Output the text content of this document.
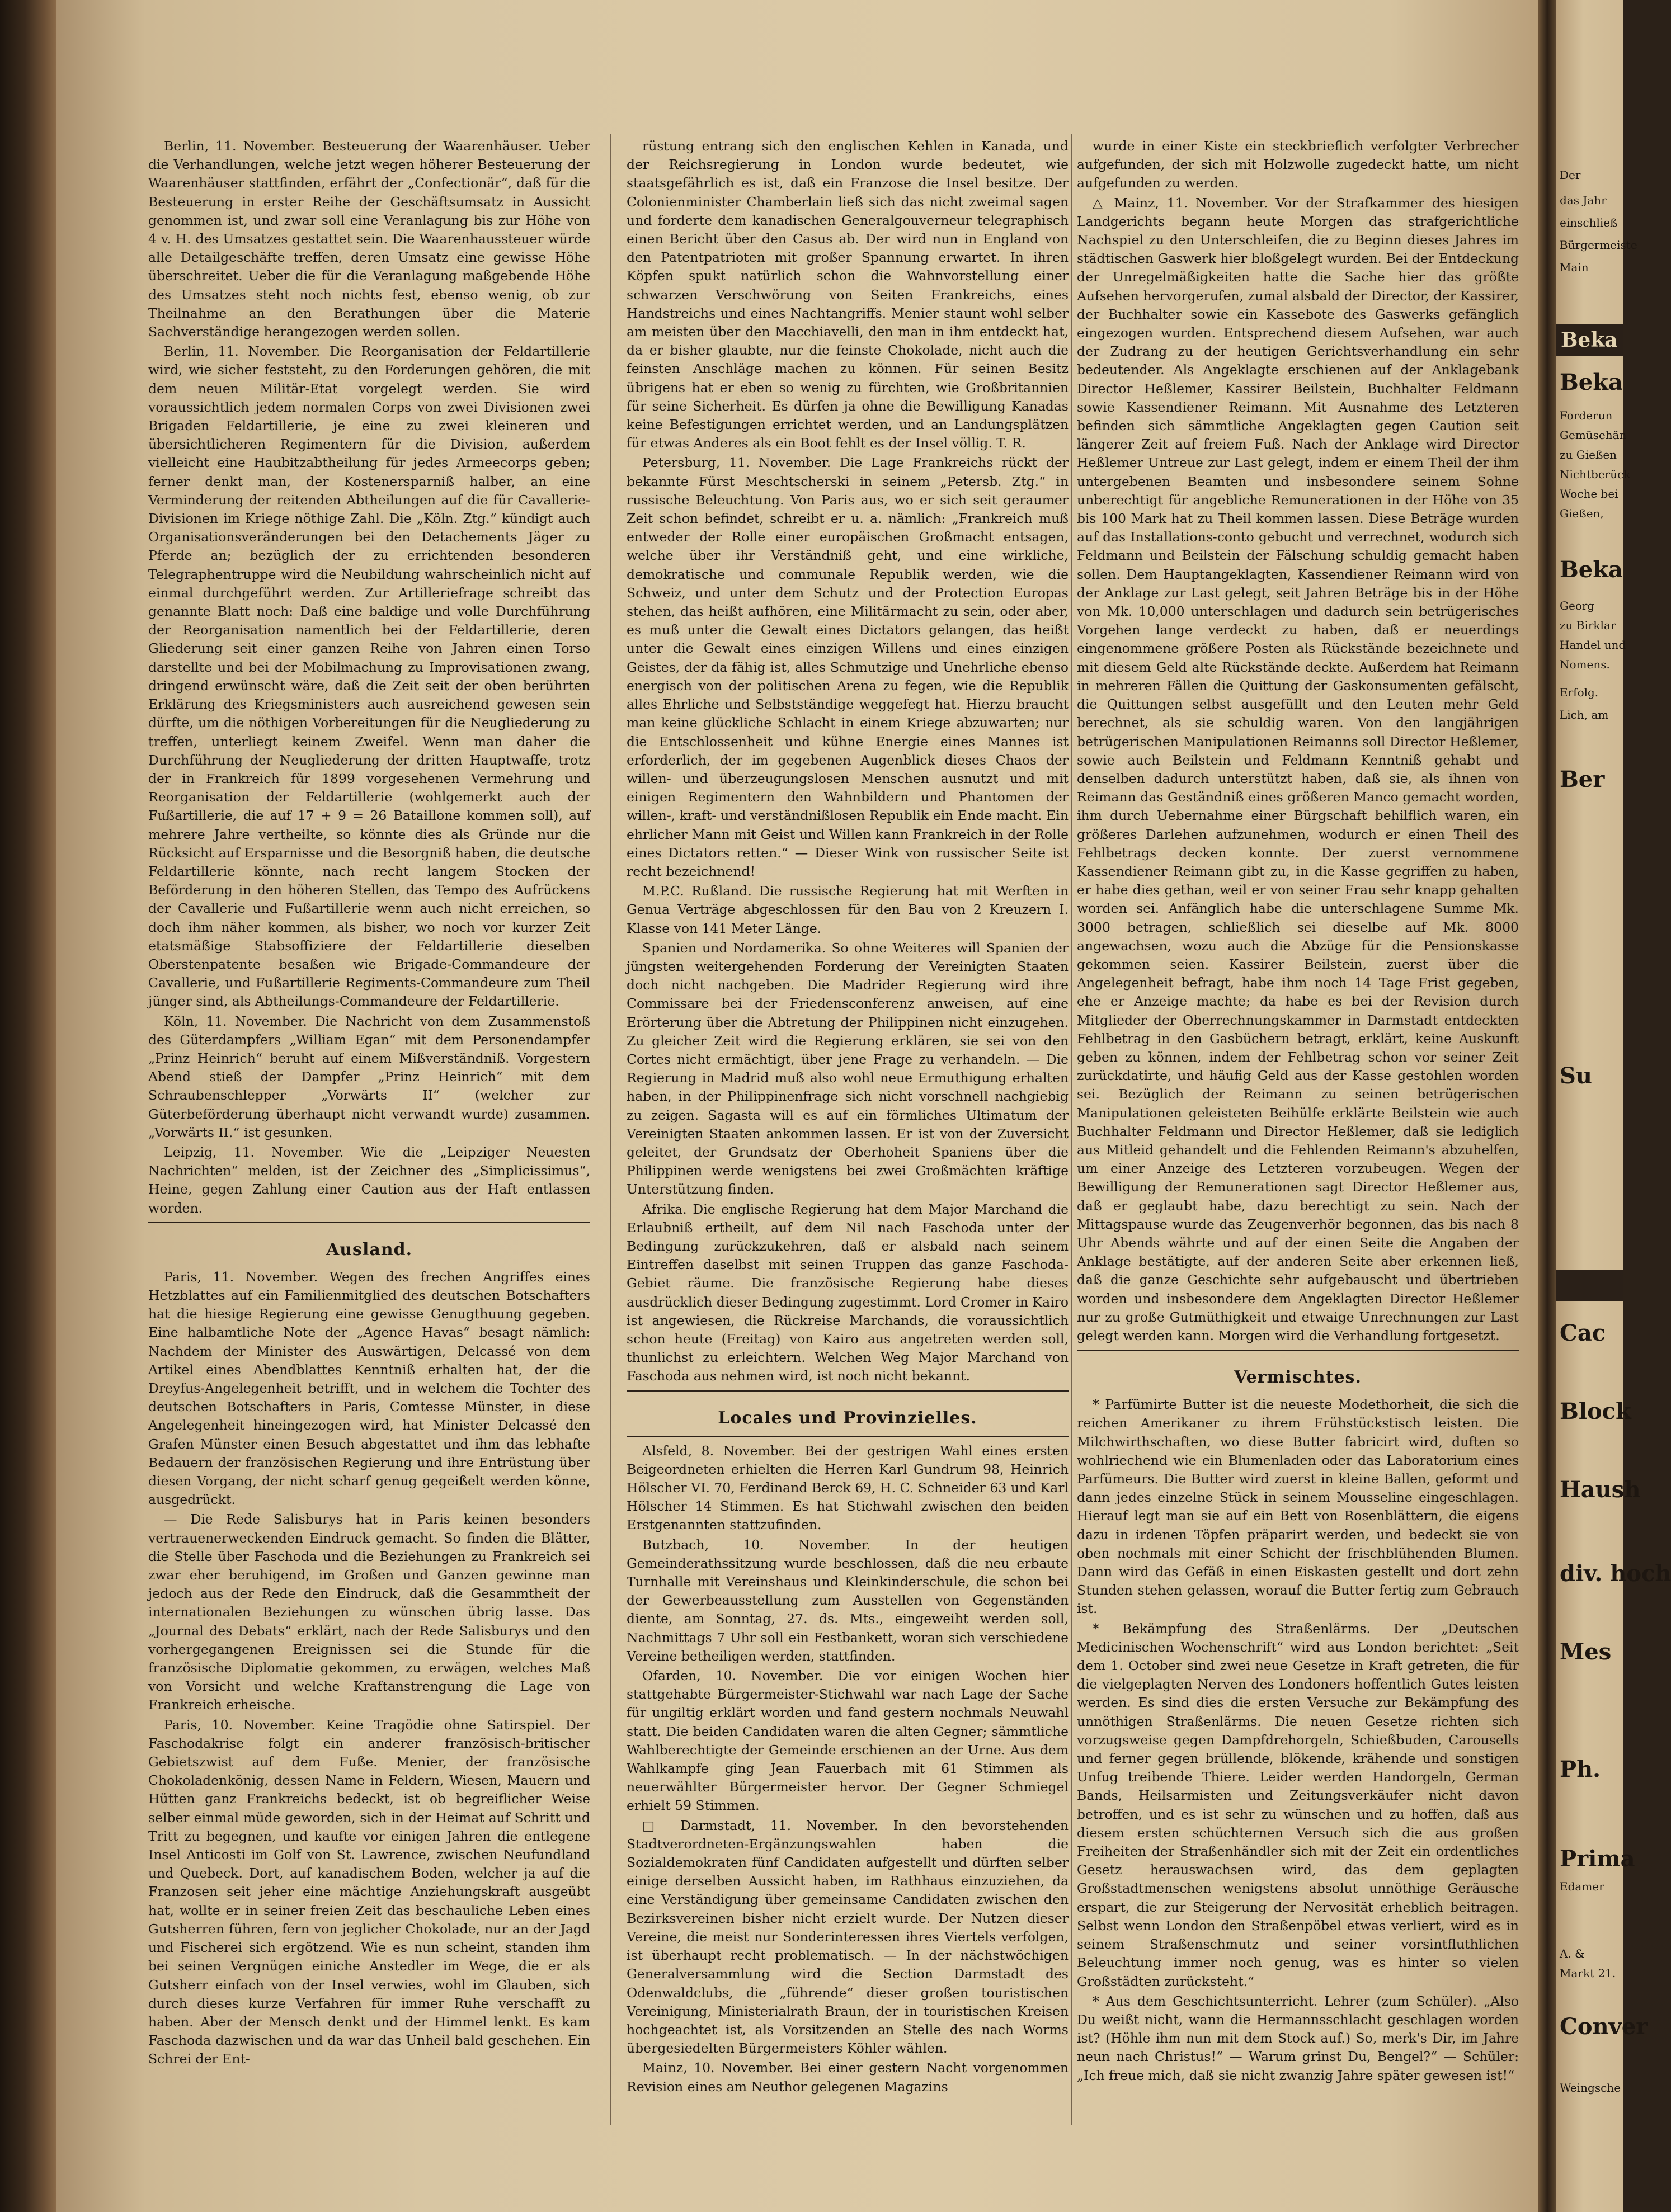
Berlin, 11. November. Besteuerung der Waarenhäuser. Ueber die Verhandlungen, welche jetzt wegen höherer Besteuerung der Waarenhäuser stattfinden, erfährt der „Confectionär“, daß für die Besteuerung in erster Reihe der Geschäftsumsatz in Aussicht genommen ist, und zwar soll eine Veranlagung bis zur Höhe von 4 v. H. des Umsatzes gestattet sein. Die Waarenhaussteuer würde alle Detailgeschäfte treffen, deren Umsatz eine gewisse Höhe überschreitet. Ueber die für die Veranlagung maßgebende Höhe des Umsatzes steht noch nichts fest, ebenso wenig, ob zur Theilnahme an den Berathungen über die Materie Sachverständige herangezogen werden sollen.

Berlin, 11. November. Die Reorganisation der Feldartillerie wird, wie sicher feststeht, zu den Forderungen gehören, die mit dem neuen Militär-Etat vorgelegt werden. Sie wird voraussichtlich jedem normalen Corps von zwei Divisionen zwei Brigaden Feldartillerie, je eine zu zwei kleineren und übersichtlicheren Regimentern für die Division, außerdem vielleicht eine Haubitzabtheilung für jedes Armeecorps geben; ferner denkt man, der Kostenersparniß halber, an eine Verminderung der reitenden Abtheilungen auf die für Cavallerie-Divisionen im Kriege nöthige Zahl. Die „Köln. Ztg.“ kündigt auch Organisationsveränderungen bei den Detachements Jäger zu Pferde an; bezüglich der zu errichtenden besonderen Telegraphentruppe wird die Neubildung wahrscheinlich nicht auf einmal durchgeführt werden. Zur Artilleriefrage schreibt das genannte Blatt noch: Daß eine baldige und volle Durchführung der Reorganisation namentlich bei der Feldartillerie, deren Gliederung seit einer ganzen Reihe von Jahren einen Torso darstellte und bei der Mobilmachung zu Improvisationen zwang, dringend erwünscht wäre, daß die Zeit seit der oben berührten Erklärung des Kriegsministers auch ausreichend gewesen sein dürfte, um die nöthigen Vorbereitungen für die Neugliederung zu treffen, unterliegt keinem Zweifel. Wenn man daher die Durchführung der Neugliederung der dritten Hauptwaffe, trotz der in Frankreich für 1899 vorgesehenen Vermehrung und Reorganisation der Feldartillerie (wohlgemerkt auch der Fußartillerie, die auf 17 + 9 = 26 Bataillone kommen soll), auf mehrere Jahre vertheilte, so könnte dies als Gründe nur die Rücksicht auf Ersparnisse und die Besorgniß haben, die deutsche Feldartillerie könnte, nach recht langem Stocken der Beförderung in den höheren Stellen, das Tempo des Aufrückens der Cavallerie und Fußartillerie wenn auch nicht erreichen, so doch ihm näher kommen, als bisher, wo noch vor kurzer Zeit etatsmäßige Stabsoffiziere der Feldartillerie dieselben Oberstenpatente besaßen wie Brigade-Commandeure der Cavallerie, und Fußartillerie Regiments-Commandeure zum Theil jünger sind, als Abtheilungs-Commandeure der Feldartillerie.

Köln, 11. November. Die Nachricht von dem Zusammenstoß des Güterdampfers „William Egan“ mit dem Personendampfer „Prinz Heinrich“ beruht auf einem Mißverständniß. Vorgestern Abend stieß der Dampfer „Prinz Heinrich“ mit dem Schraubenschlepper „Vorwärts II“ (welcher zur Güterbeförderung überhaupt nicht verwandt wurde) zusammen. „Vorwärts II.“ ist gesunken.

Leipzig, 11. November. Wie die „Leipziger Neuesten Nachrichten“ melden, ist der Zeichner des „Simplicissimus“, Heine, gegen Zahlung einer Caution aus der Haft entlassen worden.

Ausland.

Paris, 11. November. Wegen des frechen Angriffes eines Hetzblattes auf ein Familienmitglied des deutschen Botschafters hat die hiesige Regierung eine gewisse Genugthuung gegeben. Eine halbamtliche Note der „Agence Havas“ besagt nämlich: Nachdem der Minister des Auswärtigen, Delcassé von dem Artikel eines Abendblattes Kenntniß erhalten hat, der die Dreyfus-Angelegenheit betrifft, und in welchem die Tochter des deutschen Botschafters in Paris, Comtesse Münster, in diese Angelegenheit hineingezogen wird, hat Minister Delcassé den Grafen Münster einen Besuch abgestattet und ihm das lebhafte Bedauern der französischen Regierung und ihre Entrüstung über diesen Vorgang, der nicht scharf genug gegeißelt werden könne, ausgedrückt.

— Die Rede Salisburys hat in Paris keinen besonders vertrauenerweckenden Eindruck gemacht. So finden die Blätter, die Stelle über Faschoda und die Beziehungen zu Frankreich sei zwar eher beruhigend, im Großen und Ganzen gewinne man jedoch aus der Rede den Eindruck, daß die Gesammtheit der internationalen Beziehungen zu wünschen übrig lasse. Das „Journal des Debats“ erklärt, nach der Rede Salisburys und den vorhergegangenen Ereignissen sei die Stunde für die französische Diplomatie gekommen, zu erwägen, welches Maß von Vorsicht und welche Kraftanstrengung die Lage von Frankreich erheische.

Paris, 10. November. Keine Tragödie ohne Satirspiel. Der Faschodakrise folgt ein anderer französisch-britischer Gebietszwist auf dem Fuße. Menier, der französische Chokoladenkönig, dessen Name in Feldern, Wiesen, Mauern und Hütten ganz Frankreichs bedeckt, ist ob begreiflicher Weise selber einmal müde geworden, sich in der Heimat auf Schritt und Tritt zu begegnen, und kaufte vor einigen Jahren die entlegene Insel Anticosti im Golf von St. Lawrence, zwischen Neufundland und Quebeck. Dort, auf kanadischem Boden, welcher ja auf die Franzosen seit jeher eine mächtige Anziehungskraft ausgeübt hat, wollte er in seiner freien Zeit das beschauliche Leben eines Gutsherren führen, fern von jeglicher Chokolade, nur an der Jagd und Fischerei sich ergötzend. Wie es nun scheint, standen ihm bei seinen Vergnügen einiche Anstedler im Wege, die er als Gutsherr einfach von der Insel verwies, wohl im Glauben, sich durch dieses kurze Verfahren für immer Ruhe verschafft zu haben. Aber der Mensch denkt und der Himmel lenkt. Es kam Faschoda dazwischen und da war das Unheil bald geschehen. Ein Schrei der Ent-

rüstung entrang sich den englischen Kehlen in Kanada, und der Reichsregierung in London wurde bedeutet, wie staatsgefährlich es ist, daß ein Franzose die Insel besitze. Der Colonienminister Chamberlain ließ sich das nicht zweimal sagen und forderte dem kanadischen Generalgouverneur telegraphisch einen Bericht über den Casus ab. Der wird nun in England von den Patentpatrioten mit großer Spannung erwartet. In ihren Köpfen spukt natürlich schon die Wahnvorstellung einer schwarzen Verschwörung von Seiten Frankreichs, eines Handstreichs und eines Nachtangriffs. Menier staunt wohl selber am meisten über den Macchiavelli, den man in ihm entdeckt hat, da er bisher glaubte, nur die feinste Chokolade, nicht auch die feinsten Anschläge machen zu können. Für seinen Besitz übrigens hat er eben so wenig zu fürchten, wie Großbritannien für seine Sicherheit. Es dürfen ja ohne die Bewilligung Kanadas keine Befestigungen errichtet werden, und an Landungsplätzen für etwas Anderes als ein Boot fehlt es der Insel völlig. T. R.

Petersburg, 11. November. Die Lage Frankreichs rückt der bekannte Fürst Meschtscherski in seinem „Petersb. Ztg.“ in russische Beleuchtung. Von Paris aus, wo er sich seit geraumer Zeit schon befindet, schreibt er u. a. nämlich: „Frankreich muß entweder der Rolle einer europäischen Großmacht entsagen, welche über ihr Verständniß geht, und eine wirkliche, demokratische und communale Republik werden, wie die Schweiz, und unter dem Schutz und der Protection Europas stehen, das heißt aufhören, eine Militärmacht zu sein, oder aber, es muß unter die Gewalt eines Dictators gelangen, das heißt unter die Gewalt eines einzigen Willens und eines einzigen Geistes, der da fähig ist, alles Schmutzige und Unehrliche ebenso energisch von der politischen Arena zu fegen, wie die Republik alles Ehrliche und Selbstständige weggefegt hat. Hierzu braucht man keine glückliche Schlacht in einem Kriege abzuwarten; nur die Entschlossenheit und kühne Energie eines Mannes ist erforderlich, der im gegebenen Augenblick dieses Chaos der willen- und überzeugungslosen Menschen ausnutzt und mit einigen Regimentern den Wahnbildern und Phantomen der willen-, kraft- und verständnißlosen Republik ein Ende macht. Ein ehrlicher Mann mit Geist und Willen kann Frankreich in der Rolle eines Dictators retten.“ — Dieser Wink von russischer Seite ist recht bezeichnend!

M.P.C. Rußland. Die russische Regierung hat mit Werften in Genua Verträge abgeschlossen für den Bau von 2 Kreuzern I. Klasse von 141 Meter Länge.

Spanien und Nordamerika. So ohne Weiteres will Spanien der jüngsten weitergehenden Forderung der Vereinigten Staaten doch nicht nachgeben. Die Madrider Regierung wird ihre Commissare bei der Friedensconferenz anweisen, auf eine Erörterung über die Abtretung der Philippinen nicht einzugehen. Zu gleicher Zeit wird die Regierung erklären, sie sei von den Cortes nicht ermächtigt, über jene Frage zu verhandeln. — Die Regierung in Madrid muß also wohl neue Ermuthigung erhalten haben, in der Philippinenfrage sich nicht vorschnell nachgiebig zu zeigen. Sagasta will es auf ein förmliches Ultimatum der Vereinigten Staaten ankommen lassen. Er ist von der Zuversicht geleitet, der Grundsatz der Oberhoheit Spaniens über die Philippinen werde wenigstens bei zwei Großmächten kräftige Unterstützung finden.

Afrika. Die englische Regierung hat dem Major Marchand die Erlaubniß ertheilt, auf dem Nil nach Faschoda unter der Bedingung zurückzukehren, daß er alsbald nach seinem Eintreffen daselbst mit seinen Truppen das ganze Faschoda-Gebiet räume. Die französische Regierung habe dieses ausdrücklich dieser Bedingung zugestimmt. Lord Cromer in Kairo ist angewiesen, die Rückreise Marchands, die voraussichtlich schon heute (Freitag) von Kairo aus angetreten werden soll, thunlichst zu erleichtern. Welchen Weg Major Marchand von Faschoda aus nehmen wird, ist noch nicht bekannt.

Locales und Provinzielles.

Alsfeld, 8. November. Bei der gestrigen Wahl eines ersten Beigeordneten erhielten die Herren Karl Gundrum 98, Heinrich Hölscher VI. 70, Ferdinand Berck 69, H. C. Schneider 63 und Karl Hölscher 14 Stimmen. Es hat Stichwahl zwischen den beiden Erstgenannten stattzufinden.

Butzbach, 10. November. In der heutigen Gemeinderathssitzung wurde beschlossen, daß die neu erbaute Turnhalle mit Vereinshaus und Kleinkinderschule, die schon bei der Gewerbeausstellung zum Ausstellen von Gegenständen diente, am Sonntag, 27. ds. Mts., eingeweiht werden soll, Nachmittags 7 Uhr soll ein Festbankett, woran sich verschiedene Vereine betheiligen werden, stattfinden.

Ofarden, 10. November. Die vor einigen Wochen hier stattgehabte Bürgermeister-Stichwahl war nach Lage der Sache für ungiltig erklärt worden und fand gestern nochmals Neuwahl statt. Die beiden Candidaten waren die alten Gegner; sämmtliche Wahlberechtigte der Gemeinde erschienen an der Urne. Aus dem Wahlkampfe ging Jean Fauerbach mit 61 Stimmen als neuerwählter Bürgermeister hervor. Der Gegner Schmiegel erhielt 59 Stimmen.

□ Darmstadt, 11. November. In den bevorstehenden Stadtverordneten-Ergänzungswahlen haben die Sozialdemokraten fünf Candidaten aufgestellt und dürften selber einige derselben Aussicht haben, im Rathhaus einzuziehen, da eine Verständigung über gemeinsame Candidaten zwischen den Bezirksvereinen bisher nicht erzielt wurde. Der Nutzen dieser Vereine, die meist nur Sonderinteressen ihres Viertels verfolgen, ist überhaupt recht problematisch. — In der nächstwöchigen Generalversammlung wird die Section Darmstadt des Odenwaldclubs, die „führende“ dieser großen touristischen Vereinigung, Ministerialrath Braun, der in touristischen Kreisen hochgeachtet ist, als Vorsitzenden an Stelle des nach Worms übergesiedelten Bürgermeisters Köhler wählen.

Mainz, 10. November. Bei einer gestern Nacht vorgenommen Revision eines am Neuthor gelegenen Magazins

wurde in einer Kiste ein steckbrieflich verfolgter Verbrecher aufgefunden, der sich mit Holzwolle zugedeckt hatte, um nicht aufgefunden zu werden.

△ Mainz, 11. November. Vor der Strafkammer des hiesigen Landgerichts begann heute Morgen das strafgerichtliche Nachspiel zu den Unterschleifen, die zu Beginn dieses Jahres im städtischen Gaswerk hier bloßgelegt wurden. Bei der Entdeckung der Unregelmäßigkeiten hatte die Sache hier das größte Aufsehen hervorgerufen, zumal alsbald der Director, der Kassirer, der Buchhalter sowie ein Kassebote des Gaswerks gefänglich eingezogen wurden. Entsprechend diesem Aufsehen, war auch der Zudrang zu der heutigen Gerichtsverhandlung ein sehr bedeutender. Als Angeklagte erschienen auf der Anklagebank Director Heßlemer, Kassirer Beilstein, Buchhalter Feldmann sowie Kassendiener Reimann. Mit Ausnahme des Letzteren befinden sich sämmtliche Angeklagten gegen Caution seit längerer Zeit auf freiem Fuß. Nach der Anklage wird Director Heßlemer Untreue zur Last gelegt, indem er einem Theil der ihm untergebenen Beamten und insbesondere seinem Sohne unberechtigt für angebliche Remunerationen in der Höhe von 35 bis 100 Mark hat zu Theil kommen lassen. Diese Beträge wurden auf das Installations-conto gebucht und verrechnet, wodurch sich Feldmann und Beilstein der Fälschung schuldig gemacht haben sollen. Dem Hauptangeklagten, Kassendiener Reimann wird von der Anklage zur Last gelegt, seit Jahren Beträge bis in der Höhe von Mk. 10,000 unterschlagen und dadurch sein betrügerisches Vorgehen lange verdeckt zu haben, daß er neuerdings eingenommene größere Posten als Rückstände bezeichnete und mit diesem Geld alte Rückstände deckte. Außerdem hat Reimann in mehreren Fällen die Quittung der Gaskonsumenten gefälscht, die Quittungen selbst ausgefüllt und den Leuten mehr Geld berechnet, als sie schuldig waren. Von den langjährigen betrügerischen Manipulationen Reimanns soll Director Heßlemer, sowie auch Beilstein und Feldmann Kenntniß gehabt und denselben dadurch unterstützt haben, daß sie, als ihnen von Reimann das Geständniß eines größeren Manco gemacht worden, ihm durch Uebernahme einer Bürgschaft behilflich waren, ein größeres Darlehen aufzunehmen, wodurch er einen Theil des Fehlbetrags decken konnte. Der zuerst vernommene Kassendiener Reimann gibt zu, in die Kasse gegriffen zu haben, er habe dies gethan, weil er von seiner Frau sehr knapp gehalten worden sei. Anfänglich habe die unterschlagene Summe Mk. 3000 betragen, schließlich sei dieselbe auf Mk. 8000 angewachsen, wozu auch die Abzüge für die Pensionskasse gekommen seien. Kassirer Beilstein, zuerst über die Angelegenheit befragt, habe ihm noch 14 Tage Frist gegeben, ehe er Anzeige machte; da habe es bei der Revision durch Mitglieder der Oberrechnungskammer in Darmstadt entdeckten Fehlbetrag in den Gasbüchern betragt, erklärt, keine Auskunft geben zu können, indem der Fehlbetrag schon vor seiner Zeit zurückdatirte, und häufig Geld aus der Kasse gestohlen worden sei. Bezüglich der Reimann zu seinen betrügerischen Manipulationen geleisteten Beihülfe erklärte Beilstein wie auch Buchhalter Feldmann und Director Heßlemer, daß sie lediglich aus Mitleid gehandelt und die Fehlenden Reimann's abzuhelfen, um einer Anzeige des Letzteren vorzubeugen. Wegen der Bewilligung der Remunerationen sagt Director Heßlemer aus, daß er geglaubt habe, dazu berechtigt zu sein. Nach der Mittagspause wurde das Zeugenverhör begonnen, das bis nach 8 Uhr Abends währte und auf der einen Seite die Angaben der Anklage bestätigte, auf der anderen Seite aber erkennen ließ, daß die ganze Geschichte sehr aufgebauscht und übertrieben worden und insbesondere dem Angeklagten Director Heßlemer nur zu große Gutmüthigkeit und etwaige Unrechnungen zur Last gelegt werden kann. Morgen wird die Verhandlung fortgesetzt.

Vermischtes.

* Parfümirte Butter ist die neueste Modethorheit, die sich die reichen Amerikaner zu ihrem Frühstückstisch leisten. Die Milchwirthschaften, wo diese Butter fabricirt wird, duften so wohlriechend wie ein Blumenladen oder das Laboratorium eines Parfümeurs. Die Butter wird zuerst in kleine Ballen, geformt und dann jedes einzelne Stück in seinem Mousseline eingeschlagen. Hierauf legt man sie auf ein Bett von Rosenblättern, die eigens dazu in irdenen Töpfen präparirt werden, und bedeckt sie von oben nochmals mit einer Schicht der frischblühenden Blumen. Dann wird das Gefäß in einen Eiskasten gestellt und dort zehn Stunden stehen gelassen, worauf die Butter fertig zum Gebrauch ist.

* Bekämpfung des Straßenlärms. Der „Deutschen Medicinischen Wochenschrift“ wird aus London berichtet: „Seit dem 1. October sind zwei neue Gesetze in Kraft getreten, die für die vielgeplagten Nerven des Londoners hoffentlich Gutes leisten werden. Es sind dies die ersten Versuche zur Bekämpfung des unnöthigen Straßenlärms. Die neuen Gesetze richten sich vorzugsweise gegen Dampfdrehorgeln, Schießbuden, Carousells und ferner gegen brüllende, blökende, krähende und sonstigen Unfug treibende Thiere. Leider werden Handorgeln, German Bands, Heilsarmisten und Zeitungsverkäufer nicht davon betroffen, und es ist sehr zu wünschen und zu hoffen, daß aus diesem ersten schüchternen Versuch sich die aus großen Freiheiten der Straßenhändler sich mit der Zeit ein ordentliches Gesetz herauswachsen wird, das dem geplagten Großstadtmenschen wenigstens absolut unnöthige Geräusche erspart, die zur Steigerung der Nervosität erheblich beitragen. Selbst wenn London den Straßenpöbel etwas verliert, wird es in seinem Straßenschmutz und seiner vorsintfluthlichen Beleuchtung immer noch genug, was es hinter so vielen Großstädten zurücksteht.“

* Aus dem Geschichtsunterricht. Lehrer (zum Schüler). „Also Du weißt nicht, wann die Hermannsschlacht geschlagen worden ist? (Höhle ihm nun mit dem Stock auf.) So, merk's Dir, im Jahre neun nach Christus!“ — Warum grinst Du, Bengel?“ — Schüler: „Ich freue mich, daß sie nicht zwanzig Jahre später gewesen ist!“

Der
das Jahr
einschließ
Bürgermeiste
Main
Beka
Beka
Forderun
Gemüsehän
zu Gießen
Nichtberück
Woche bei
Gießen,
Beka
Georg
zu Birklar
Handel und
Nomens.
Erfolg.
Lich, am
Ber
Su
Cac
Block
Haush
div. hoch
Mes
Ph.
Prima
Edamer
A. &
Markt 21.
Conver
Weingsche
